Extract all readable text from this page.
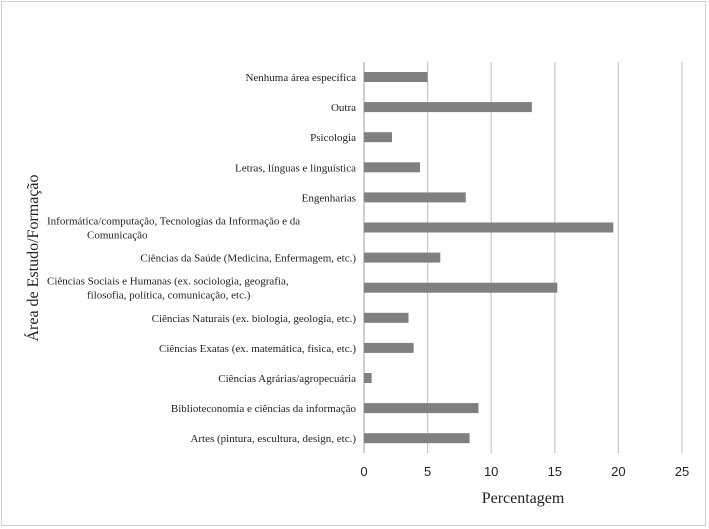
Nenhuma área específica
Outra
Psicologia
Letras, línguas e linguística
Engenharias
Informática/computação, Tecnologias da Informação e da Comunicação
Ciências da Saúde (Medicina, Enfermagem, etc.)
Ciências Sociais e Humanas (ex. sociologia, geografia, filosofia, política, comunicação, etc.)
Ciências Naturais (ex. biologia, geologia, etc.)
Ciências Exatas (ex. matemática, física, etc.)
Ciências Agrárias/agropecuária
Biblioteconomia e ciências da informação
Artes (pintura, escultura, design, etc.)
0	5	10	15	20	25
Percentagem
Área de Estudo/Formação
